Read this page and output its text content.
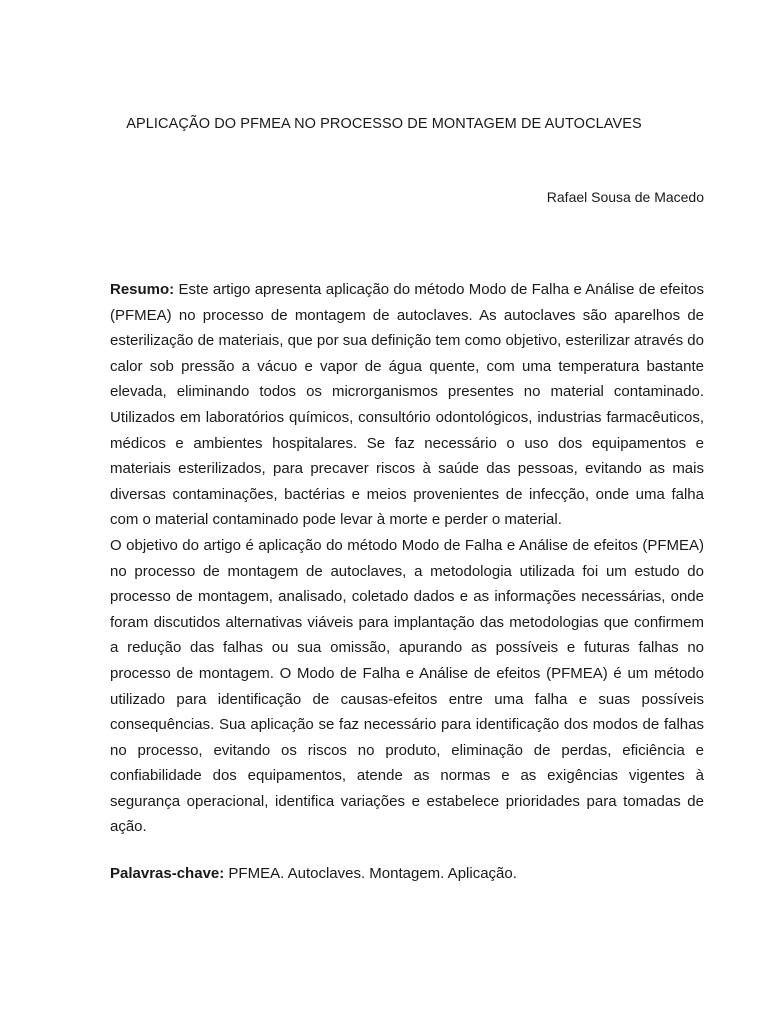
APLICAÇÃO DO PFMEA NO PROCESSO DE MONTAGEM DE AUTOCLAVES
Rafael Sousa de Macedo

Resumo: Este artigo apresenta aplicação do método Modo de Falha e Análise de efeitos (PFMEA) no processo de montagem de autoclaves. As autoclaves são aparelhos de esterilização de materiais, que por sua definição tem como objetivo, esterilizar através do calor sob pressão a vácuo e vapor de água quente, com uma temperatura bastante elevada, eliminando todos os microrganismos presentes no material contaminado. Utilizados em laboratórios químicos, consultório odontológicos, industrias farmacêuticos, médicos e ambientes hospitalares. Se faz necessário o uso dos equipamentos e materiais esterilizados, para precaver riscos à saúde das pessoas, evitando as mais diversas contaminações, bactérias e meios provenientes de infecção, onde uma falha com o material contaminado pode levar à morte e perder o material.

O objetivo do artigo é aplicação do método Modo de Falha e Análise de efeitos (PFMEA) no processo de montagem de autoclaves, a metodologia utilizada foi um estudo do processo de montagem, analisado, coletado dados e as informações necessárias, onde foram discutidos alternativas viáveis para implantação das metodologias que confirmem a redução das falhas ou sua omissão, apurando as possíveis e futuras falhas no processo de montagem. O Modo de Falha e Análise de efeitos (PFMEA) é um método utilizado para identificação de causas-efeitos entre uma falha e suas possíveis consequências. Sua aplicação se faz necessário para identificação dos modos de falhas no processo, evitando os riscos no produto, eliminação de perdas, eficiência e confiabilidade dos equipamentos, atende as normas e as exigências vigentes à segurança operacional, identifica variações e estabelece prioridades para tomadas de ação.

Palavras-chave: PFMEA. Autoclaves. Montagem. Aplicação.
